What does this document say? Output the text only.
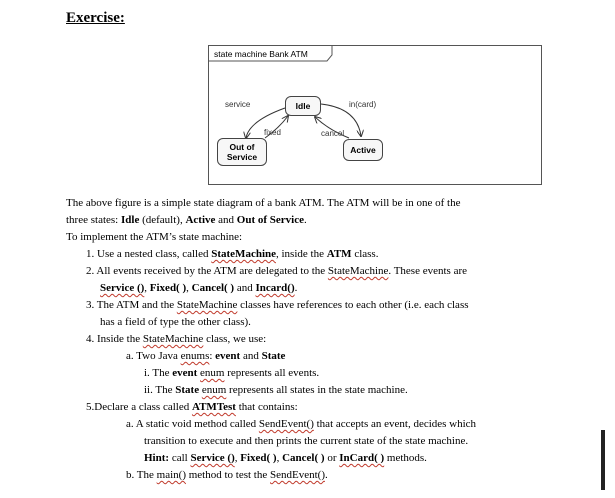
Exercise:
state machine Bank ATM
Idle
Out of
Service
Active
service	in(card)
fixed	cancel
The above figure is a simple state diagram of a bank ATM. The ATM will be in one of the
three states: Idle (default), Active and Out of Service.
To implement the ATM’s state machine:
1. Use a nested class, called StateMachine, inside the ATM class.
2. All events received by the ATM are delegated to the StateMachine. These events are
Service (), Fixed( ), Cancel( ) and Incard().
3. The ATM and the StateMachine classes have references to each other (i.e. each class
has a field of type the other class).
4. Inside the StateMachine class, we use:
a. Two Java enums: event and State
i. The event enum represents all events.
ii. The State enum represents all states in the state machine.
5.Declare a class called ATMTest that contains:
a. A static void method called SendEvent() that accepts an event, decides which
transition to execute and then prints the current state of the state machine.
Hint: call Service (), Fixed( ), Cancel( ) or InCard( ) methods.
b. The main() method to test the SendEvent().
